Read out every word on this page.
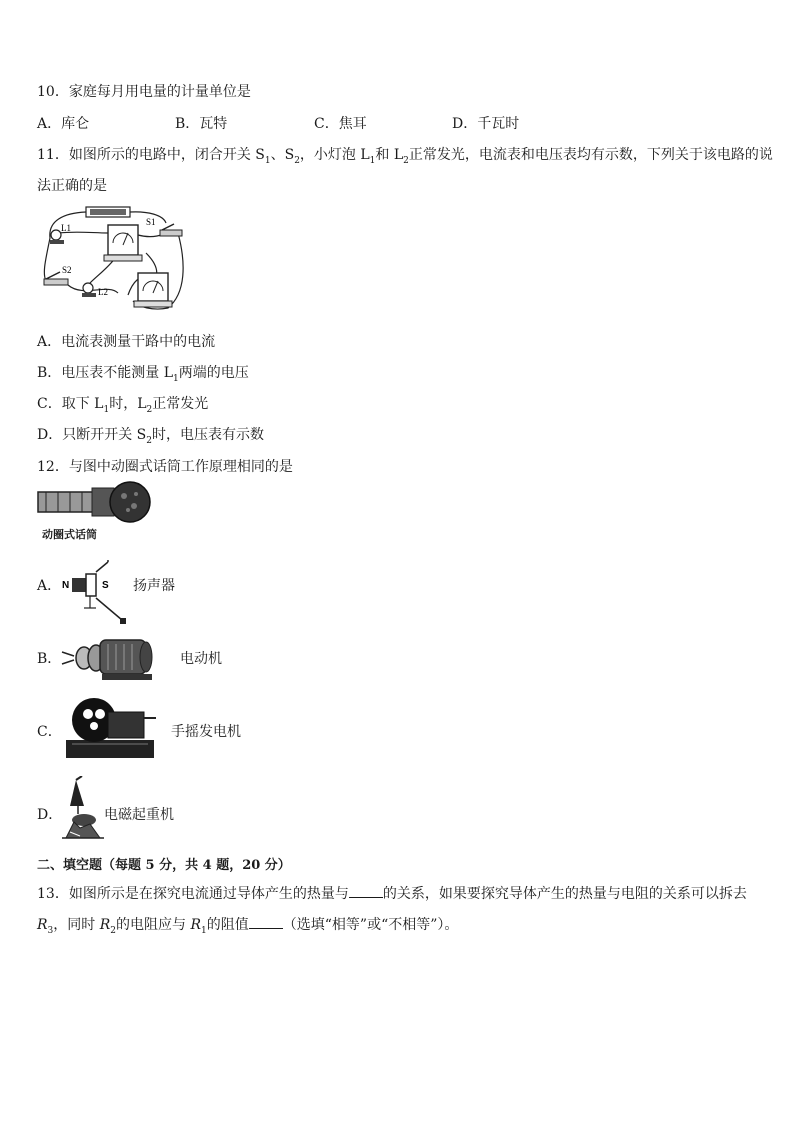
10．家庭每月用电量的计量单位是
A．库仑	B．瓦特	C．焦耳	D．千瓦时
11．如图所示的电路中，闭合开关 $S_1$、$S_2$，小灯泡 $L_1$和 $L_2$正常发光，电流表和电压表均有示数，下列关于该电路的说
法正确的是
L1
S1
S2
L2
A．电流表测量干路中的电流
B．电压表不能测量 $L_1$两端的电压
C．取下 $L_1$时，$L_2$正常发光
D．只断开开关 $S_2$时，电压表有示数
12．与图中动圈式话筒工作原理相同的是
动圈式话筒
A． N	S 扬声器
B．	电动机
C．	手摇发电机
D．	电磁起重机
二、填空题（每题 5 分，共 4 题，20 分）
13．如图所示是在探究电流通过导体产生的热量与 的关系，如果要探究导体产生的热量与电阻的关系可以拆去
$R_3$，同时 $R_2$的电阻应与 $R_1$的阻值 （选填“相等”或“不相等”）。
